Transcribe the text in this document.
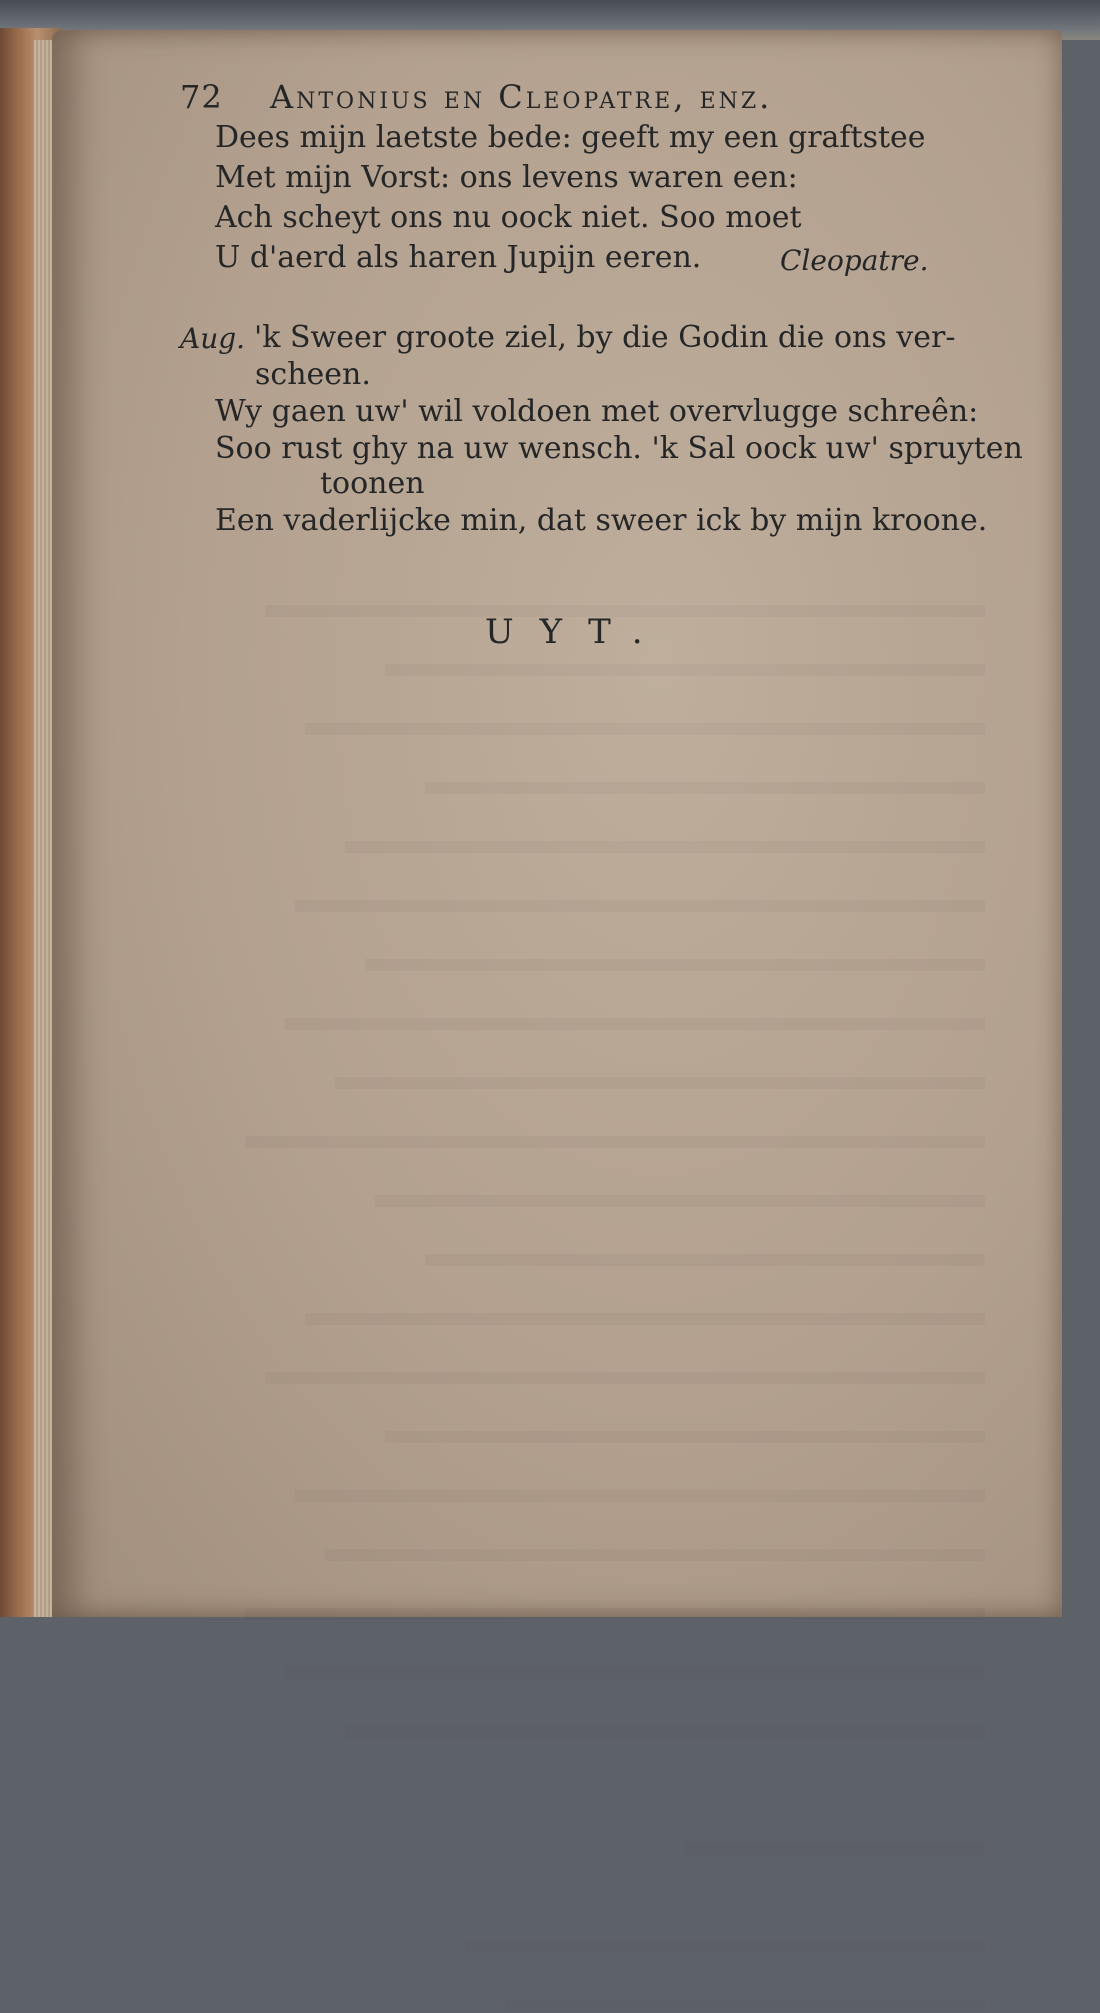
72 Antonius en Cleopatre, enz.
Dees mijn laetste bede: geeft my een graftstee
Met mijn Vorst: ons levens waren een:
Ach scheyt ons nu oock niet. Soo moet
U d'aerd als haren Jupijn eeren.	Cleopatre.
Aug. 'k Sweer groote ziel, by die Godin die ons ver-
scheen.
Wy gaen uw' wil voldoen met overvlugge schreên:
Soo rust ghy na uw wensch. 'k Sal oock uw' spruyten
toonen
Een vaderlijcke min, dat sweer ick by mijn kroone.
UYT.
